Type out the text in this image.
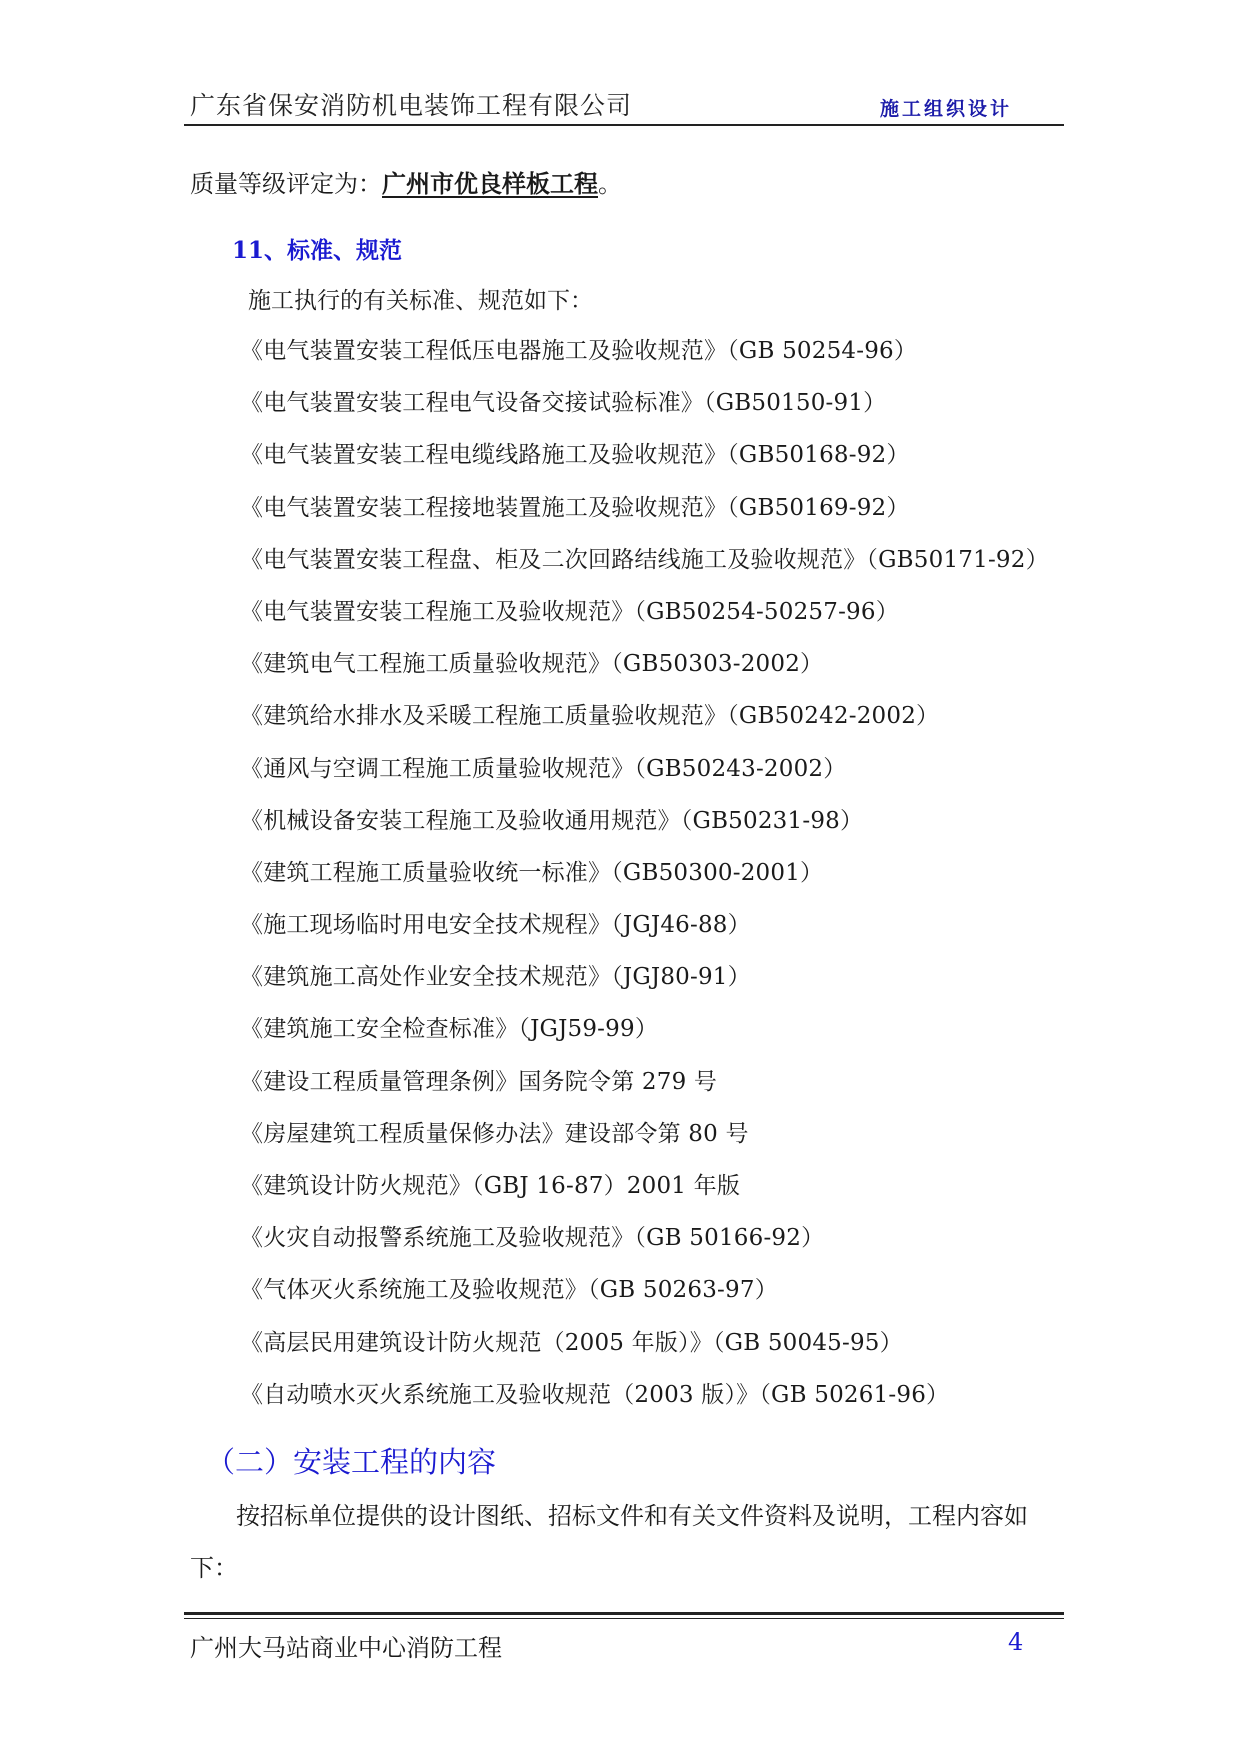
广东省保安消防机电装饰工程有限公司	施工组织设计
质量等级评定为：广州市优良样板工程。
11、标准、规范
施工执行的有关标准、规范如下：
《电气装置安装工程低压电器施工及验收规范》（GB 50254-96）
《电气装置安装工程电气设备交接试验标准》（GB50150-91）
《电气装置安装工程电缆线路施工及验收规范》（GB50168-92）
《电气装置安装工程接地装置施工及验收规范》（GB50169-92）
《电气装置安装工程盘、柜及二次回路结线施工及验收规范》（GB50171-92）
《电气装置安装工程施工及验收规范》（GB50254-50257-96）
《建筑电气工程施工质量验收规范》（GB50303-2002）
《建筑给水排水及采暖工程施工质量验收规范》（GB50242-2002）
《通风与空调工程施工质量验收规范》（GB50243-2002）
《机械设备安装工程施工及验收通用规范》（GB50231-98）
《建筑工程施工质量验收统一标准》（GB50300-2001）
《施工现场临时用电安全技术规程》（JGJ46-88）
《建筑施工高处作业安全技术规范》（JGJ80-91）
《建筑施工安全检查标准》（JGJ59-99）
《建设工程质量管理条例》国务院令第 279 号
《房屋建筑工程质量保修办法》建设部令第 80 号
《建筑设计防火规范》（GBJ 16-87）2001 年版
《火灾自动报警系统施工及验收规范》（GB 50166-92）
《气体灭火系统施工及验收规范》（GB 50263-97）
《高层民用建筑设计防火规范（2005 年版）》（GB 50045-95）
《自动喷水灭火系统施工及验收规范（2003 版）》（GB 50261-96）
（二）安装工程的内容

按招标单位提供的设计图纸、招标文件和有关文件资料及说明，工程内容如下：

广州大马站商业中心消防工程	4
